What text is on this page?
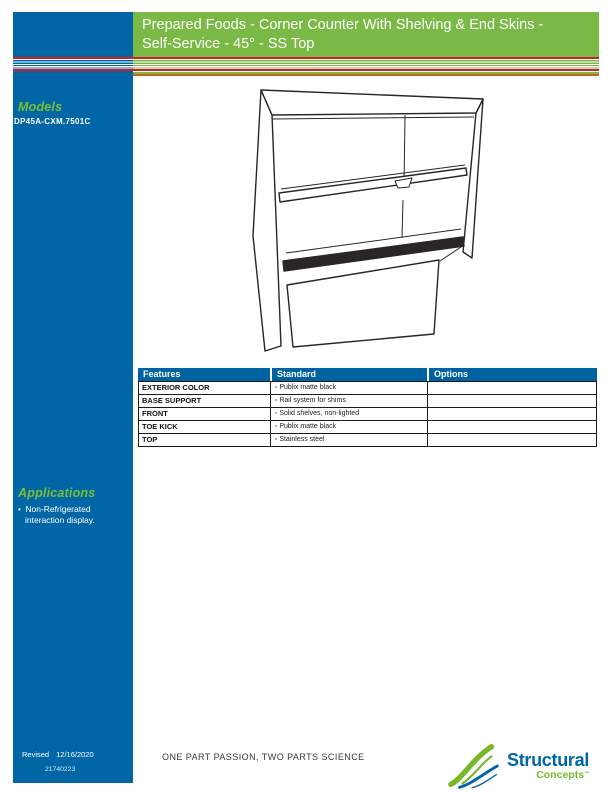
Prepared Foods - Corner Counter With Shelving & End Skins -
Self-Service - 45° - SS Top
Models
DP45A-CXM.7501C
Features	Standard	Options
EXTERIOR COLOR	▫ Publix matte black
BASE SUPPORT	▫ Rail system for shims
FRONT	▫ Solid shelves, non-lighted
TOE KICK	▫ Publix matte black
TOP	▫ Stainless steel
Applications
• Non-Refrigerated interaction display.
Revised 12/16/2020
21740223
ONE PART PASSION, TWO PARTS SCIENCE	Structural
Concepts™
